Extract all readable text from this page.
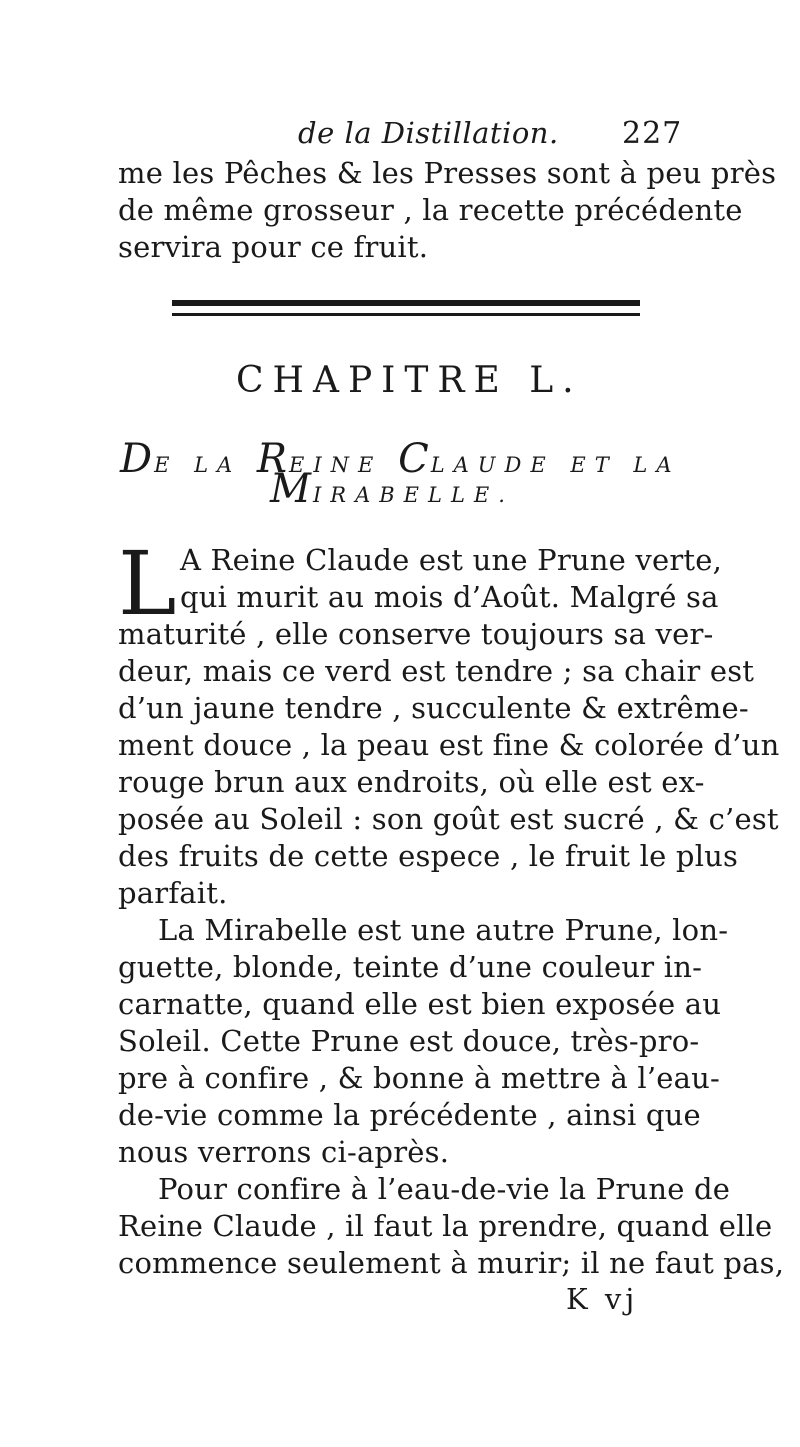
de la Distillation. 227
me les Pêches & les Presses sont à peu près
de même grosseur , la recette précédente
servira pour ce fruit.
CHAPITRE L.
DE LA REINE CLAUDE ET LA
MIRABELLE.
L A Reine Claude est une Prune verte,
qui murit au mois d’Août. Malgré sa
maturité , elle conserve toujours sa ver-
deur, mais ce verd est tendre ; sa chair est
d’un jaune tendre , succulente & extrême-
ment douce , la peau est fine & colorée d’un
rouge brun aux endroits, où elle est ex-
posée au Soleil : son goût est sucré , & c’est
des fruits de cette espece , le fruit le plus
parfait.
La Mirabelle est une autre Prune, lon-
guette, blonde, teinte d’une couleur in-
carnatte, quand elle est bien exposée au
Soleil. Cette Prune est douce, très-pro-
pre à confire , & bonne à mettre à l’eau-
de-vie comme la précédente , ainsi que
nous verrons ci-après.
Pour confire à l’eau-de-vie la Prune de
Reine Claude , il faut la prendre, quand elle
commence seulement à murir; il ne faut pas,
K vj
